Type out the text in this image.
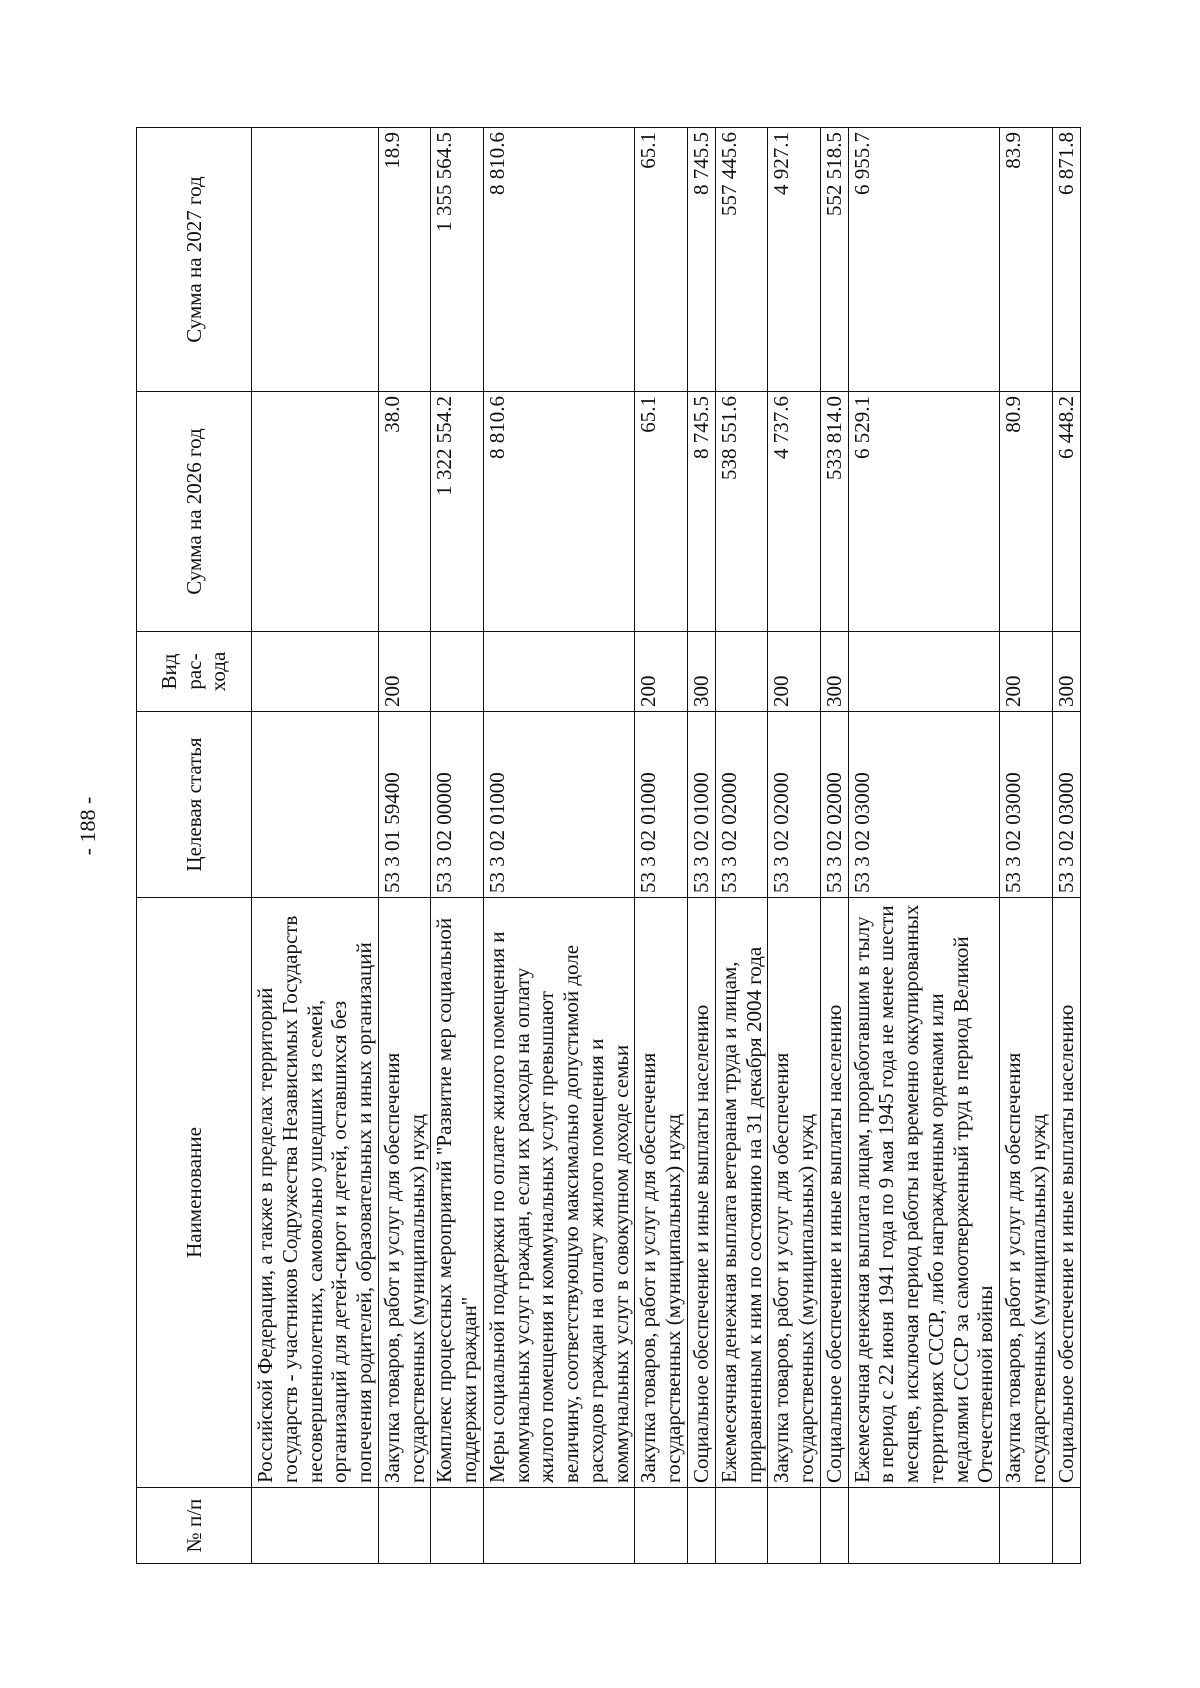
- 188 -
№ п/п	Наименование	Целевая статья	Вид рас-хода	Сумма на 2026 год	Сумма на 2027 год
	Российской Федерации, а также в пределах территорий государств - участников Содружества Независимых Государств несовершеннолетних, самовольно ушедших из семей, организаций для детей-сирот и детей, оставшихся без попечения родителей, образовательных и иных организаций				
	Закупка товаров, работ и услуг для обеспечения государственных (муниципальных) нужд	53 3 01 59400	200	38.0	18.9
	Комплекс процессных мероприятий "Развитие мер социальной поддержки граждан"	53 3 02 00000		1 322 554.2	1 355 564.5
	Меры социальной поддержки по оплате жилого помещения и коммунальных услуг граждан, если их расходы на оплату жилого помещения и коммунальных услуг превышают величину, соответствующую максимально допустимой доле расходов граждан на оплату жилого помещения и коммунальных услуг в совокупном доходе семьи	53 3 02 01000		8 810.6	8 810.6
	Закупка товаров, работ и услуг для обеспечения государственных (муниципальных) нужд	53 3 02 01000	200	65.1	65.1
	Социальное обеспечение и иные выплаты населению	53 3 02 01000	300	8 745.5	8 745.5
	Ежемесячная денежная выплата ветеранам труда и лицам, приравненным к ним по состоянию на 31 декабря 2004 года	53 3 02 02000		538 551.6	557 445.6
	Закупка товаров, работ и услуг для обеспечения государственных (муниципальных) нужд	53 3 02 02000	200	4 737.6	4 927.1
	Социальное обеспечение и иные выплаты населению	53 3 02 02000	300	533 814.0	552 518.5
	Ежемесячная денежная выплата лицам, проработавшим в тылу в период с 22 июня 1941 года по 9 мая 1945 года не менее шести месяцев, исключая период работы на временно оккупированных территориях СССР, либо награжденным орденами или медалями СССР за самоотверженный труд в период Великой Отечественной войны	53 3 02 03000		6 529.1	6 955.7
	Закупка товаров, работ и услуг для обеспечения государственных (муниципальных) нужд	53 3 02 03000	200	80.9	83.9
	Социальное обеспечение и иные выплаты населению	53 3 02 03000	300	6 448.2	6 871.8
